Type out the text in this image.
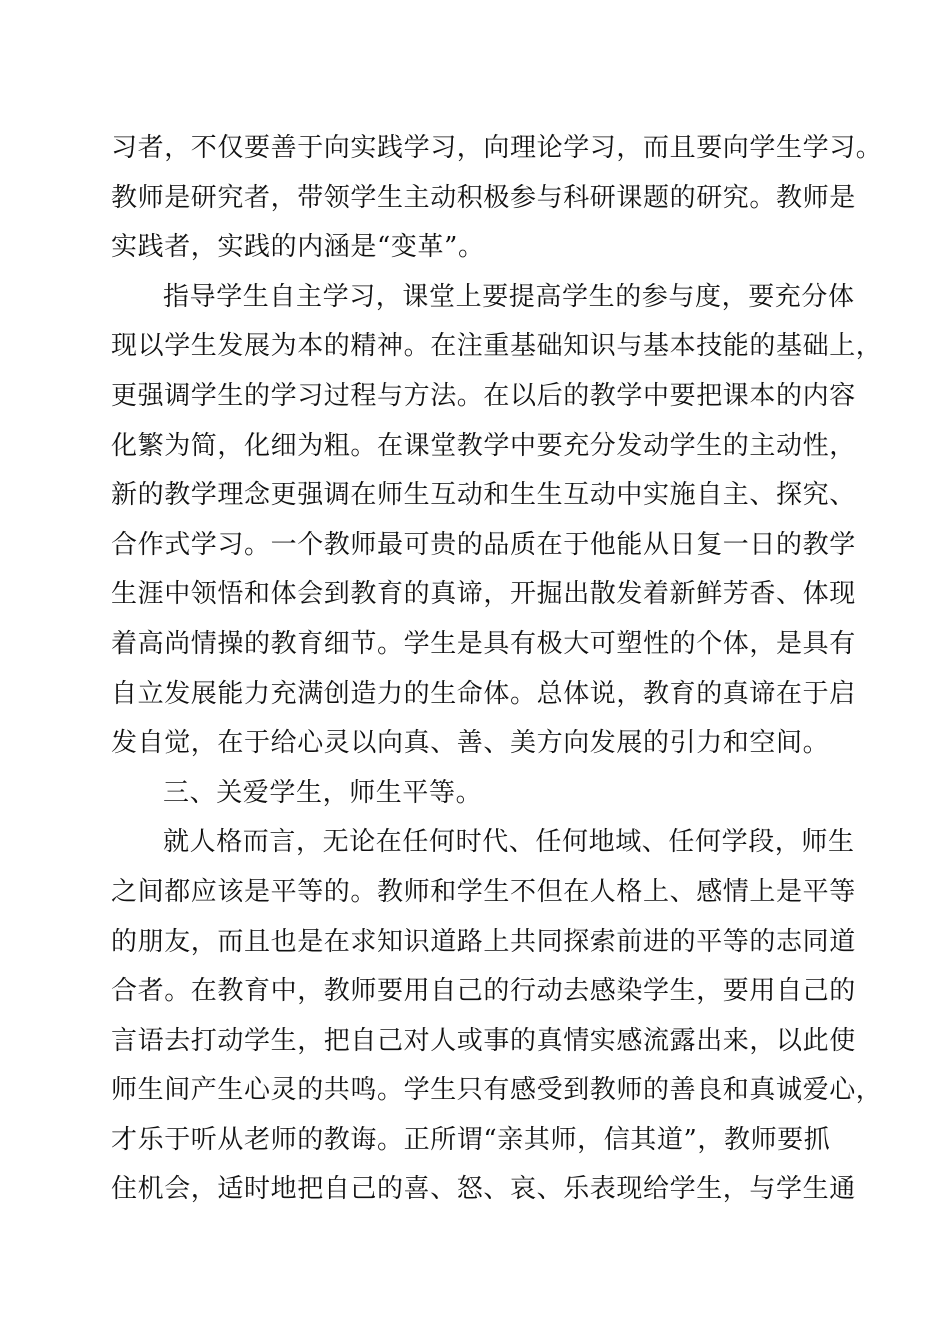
习者，不仅要善于向实践学习，向理论学习，而且要向学生学习。
教师是研究者，带领学生主动积极参与科研课题的研究。教师是
实践者，实践的内涵是“变革”。
指导学生自主学习，课堂上要提高学生的参与度，要充分体
现以学生发展为本的精神。在注重基础知识与基本技能的基础上，
更强调学生的学习过程与方法。在以后的教学中要把课本的内容
化繁为简，化细为粗。在课堂教学中要充分发动学生的主动性，
新的教学理念更强调在师生互动和生生互动中实施自主、探究、
合作式学习。一个教师最可贵的品质在于他能从日复一日的教学
生涯中领悟和体会到教育的真谛，开掘出散发着新鲜芳香、体现
着高尚情操的教育细节。学生是具有极大可塑性的个体，是具有
自立发展能力充满创造力的生命体。总体说，教育的真谛在于启
发自觉，在于给心灵以向真、善、美方向发展的引力和空间。
三、关爱学生，师生平等。
就人格而言，无论在任何时代、任何地域、任何学段，师生
之间都应该是平等的。教师和学生不但在人格上、感情上是平等
的朋友，而且也是在求知识道路上共同探索前进的平等的志同道
合者。在教育中，教师要用自己的行动去感染学生，要用自己的
言语去打动学生，把自己对人或事的真情实感流露出来，以此使
师生间产生心灵的共鸣。学生只有感受到教师的善良和真诚爱心，
才乐于听从老师的教诲。正所谓“亲其师，信其道”，教师要抓
住机会，适时地把自己的喜、怒、哀、乐表现给学生，与学生通
